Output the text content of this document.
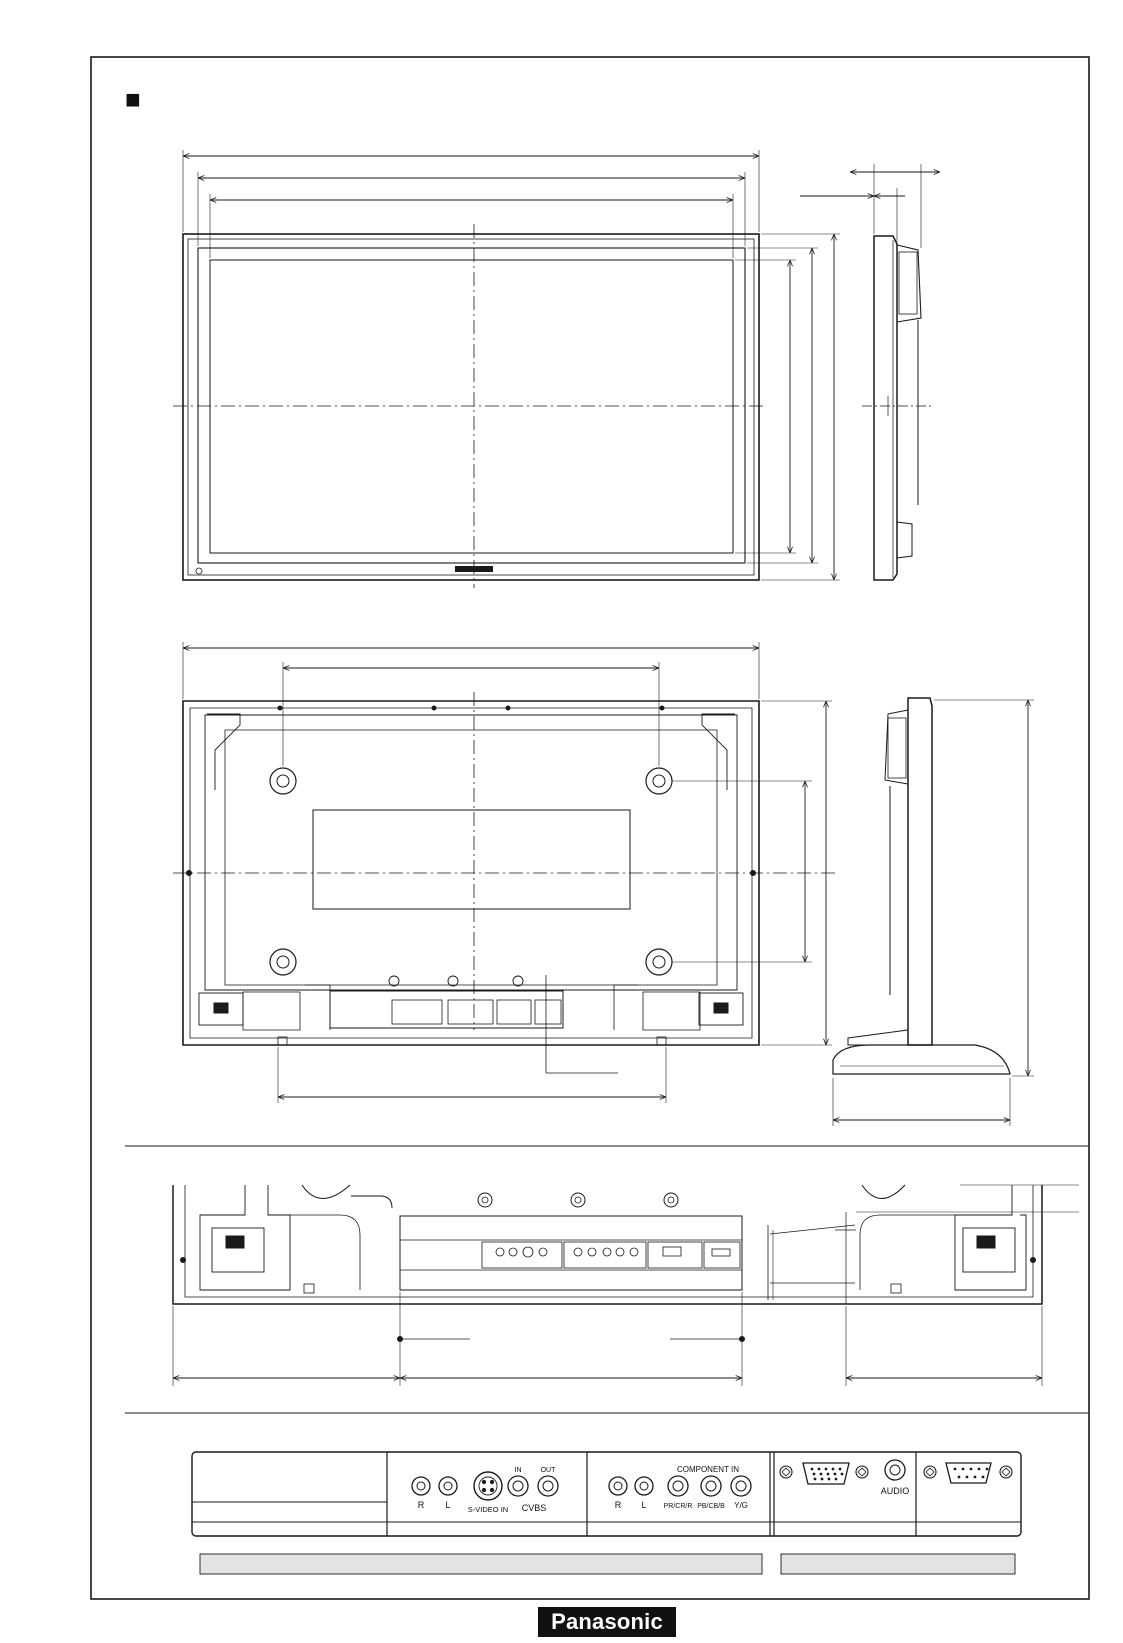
■
R L S-VIDEO IN
IN	OUT
CVBS
COMPONENT IN
R L PR/CR/R PB/CB/B Y/G
AUDIO
Panasonic
